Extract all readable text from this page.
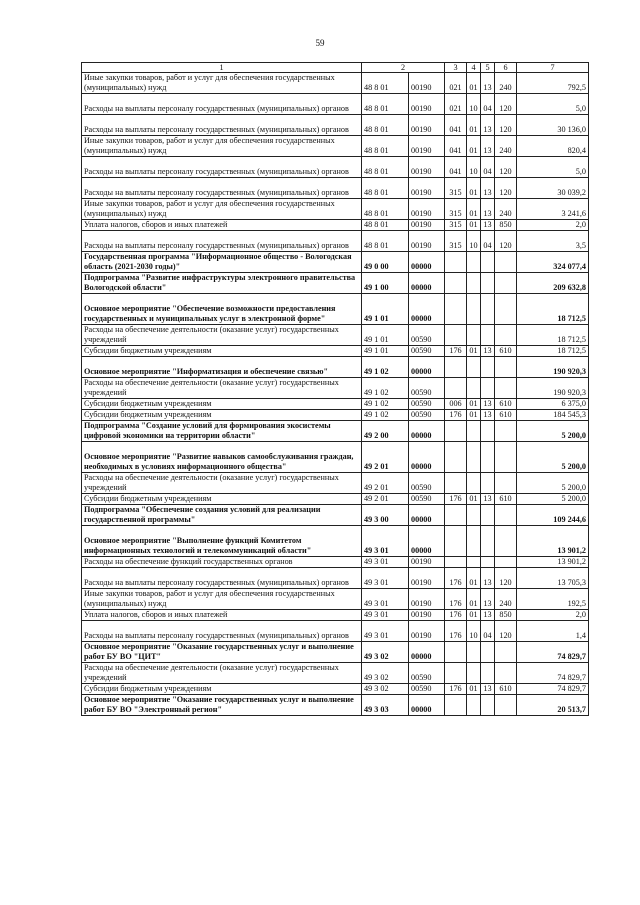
59
1	2		3	4	5	6	7
Иные закупки товаров, работ и услуг для обеспечения государственных (муниципальных) нужд	48 8 01	00190	021	01	13	240	792,5
Расходы на выплаты персоналу государственных (муниципальных) органов	48 8 01	00190	021	10	04	120	5,0
Расходы на выплаты персоналу государственных (муниципальных) органов	48 8 01	00190	041	01	13	120	30 136,0
Иные закупки товаров, работ и услуг для обеспечения государственных (муниципальных) нужд	48 8 01	00190	041	01	13	240	820,4
Расходы на выплаты персоналу государственных (муниципальных) органов	48 8 01	00190	041	10	04	120	5,0
Расходы на выплаты персоналу государственных (муниципальных) органов	48 8 01	00190	315	01	13	120	30 039,2
Иные закупки товаров, работ и услуг для обеспечения государственных (муниципальных) нужд	48 8 01	00190	315	01	13	240	3 241,6
Уплата налогов, сборов и иных платежей	48 8 01	00190	315	01	13	850	2,0
Расходы на выплаты персоналу государственных (муниципальных) органов	48 8 01	00190	315	10	04	120	3,5
Государственная программа "Информационное общество - Вологодская область (2021-2030 годы)"	49 0 00	00000					324 077,4
Подпрограмма "Развитие инфраструктуры электронного правительства Вологодской области"	49 1 00	00000					209 632,8
Основное мероприятие "Обеспечение возможности предоставления государственных и муниципальных услуг в электронной форме"	49 1 01	00000					18 712,5
Расходы на обеспечение деятельности (оказание услуг) государственных учреждений	49 1 01	00590					18 712,5
Субсидии бюджетным учреждениям	49 1 01	00590	176	01	13	610	18 712,5
Основное мероприятие "Информатизация и обеспечение связью"	49 1 02	00000					190 920,3
Расходы на обеспечение деятельности (оказание услуг) государственных учреждений	49 1 02	00590					190 920,3
Субсидии бюджетным учреждениям	49 1 02	00590	006	01	13	610	6 375,0
Субсидии бюджетным учреждениям	49 1 02	00590	176	01	13	610	184 545,3
Подпрограмма "Создание условий для формирования экосистемы цифровой экономики на территории области"	49 2 00	00000					5 200,0
Основное мероприятие "Развитие навыков самообслуживания граждан, необходимых в условиях информационного общества"	49 2 01	00000					5 200,0
Расходы на обеспечение деятельности (оказание услуг) государственных учреждений	49 2 01	00590					5 200,0
Субсидии бюджетным учреждениям	49 2 01	00590	176	01	13	610	5 200,0
Подпрограмма "Обеспечение создания условий для реализации государственной программы"	49 3 00	00000					109 244,6
Основное мероприятие "Выполнение функций Комитетом информационных технологий и телекоммуникаций области"	49 3 01	00000					13 901,2
Расходы на обеспечение функций государственных органов	49 3 01	00190					13 901,2
Расходы на выплаты персоналу государственных (муниципальных) органов	49 3 01	00190	176	01	13	120	13 705,3
Иные закупки товаров, работ и услуг для обеспечения государственных (муниципальных) нужд	49 3 01	00190	176	01	13	240	192,5
Уплата налогов, сборов и иных платежей	49 3 01	00190	176	01	13	850	2,0
Расходы на выплаты персоналу государственных (муниципальных) органов	49 3 01	00190	176	10	04	120	1,4
Основное мероприятие "Оказание государственных услуг и выполнение работ БУ ВО "ЦИТ"	49 3 02	00000					74 829,7
Расходы на обеспечение деятельности (оказание услуг) государственных учреждений	49 3 02	00590					74 829,7
Субсидии бюджетным учреждениям	49 3 02	00590	176	01	13	610	74 829,7
Основное мероприятие "Оказание государственных услуг и выполнение работ БУ ВО "Электронный регион"	49 3 03	00000					20 513,7
